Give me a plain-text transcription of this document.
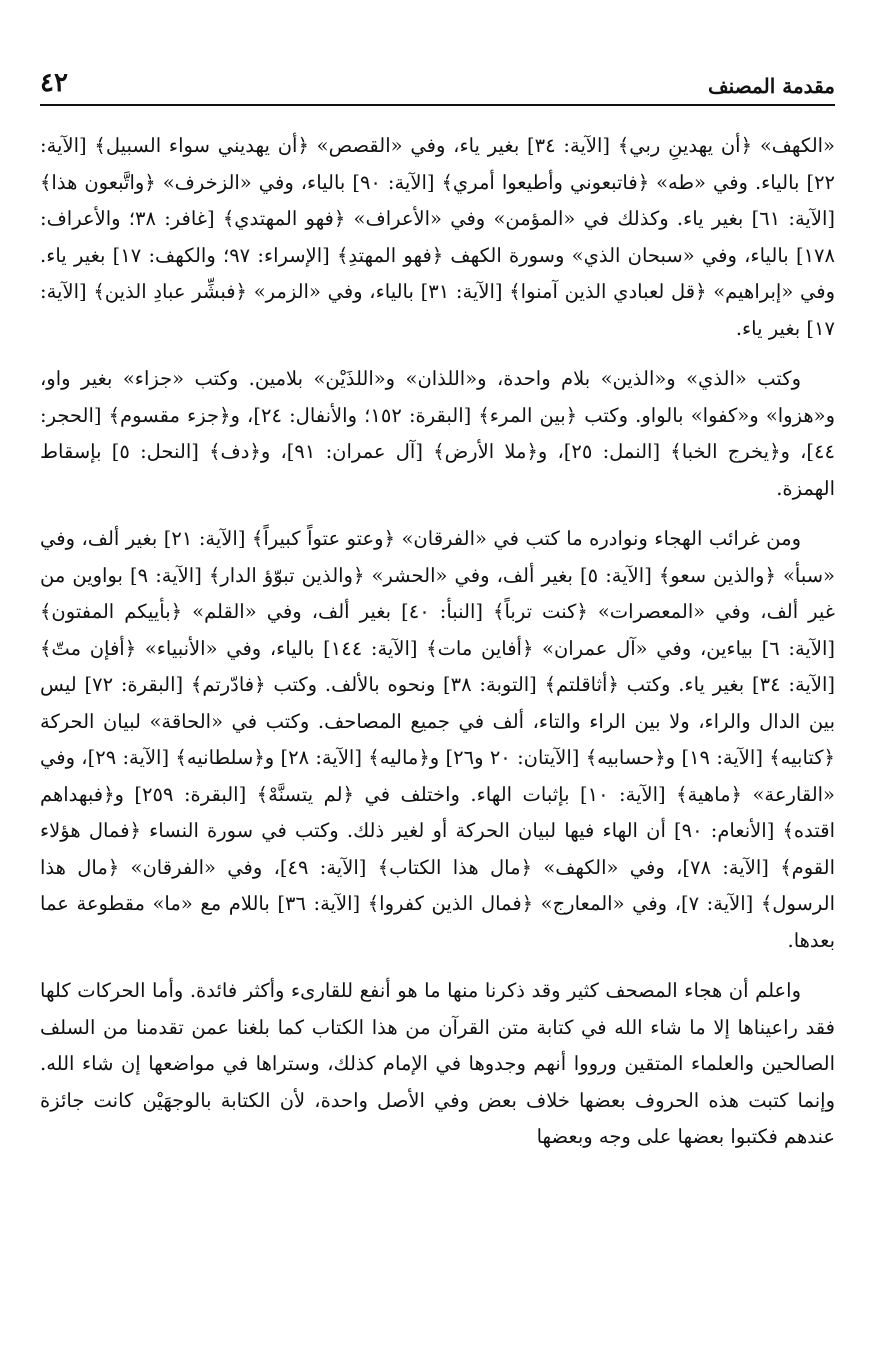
مقدمة المصنف
٤٢

«الكهف» ﴿أن يهدينِ ربي﴾ [الآية: ٣٤] بغير ياء، وفي «القصص» ﴿أن يهديني سواء السبيل﴾ [الآية: ٢٢] بالياء. وفي «طه» ﴿فاتبعوني وأطيعوا أمري﴾ [الآية: ٩٠] بالياء، وفي «الزخرف» ﴿واتَّبعون هذا﴾ [الآية: ٦١] بغير ياء. وكذلك في «المؤمن» وفي «الأعراف» ﴿فهو المهتدي﴾ [غافر: ٣٨؛ والأعراف: ١٧٨] بالياء، وفي «سبحان الذي» وسورة الكهف ﴿فهو المهتدِ﴾ [الإسراء: ٩٧؛ والكهف: ١٧] بغير ياء. وفي «إبراهيم» ﴿قل لعبادي الذين آمنوا﴾ [الآية: ٣١] بالياء، وفي «الزمر» ﴿فبشِّر عبادِ الذين﴾ [الآية: ١٧] بغير ياء.

وكتب «الذي» و«الذين» بلام واحدة، و«اللذان» و«اللذَيْن» بلامين. وكتب «جزاء» بغير واو، و«هزوا» و«كفوا» بالواو. وكتب ﴿بين المرء﴾ [البقرة: ١٥٢؛ والأنفال: ٢٤]، و﴿جزء مقسوم﴾ [الحجر: ٤٤]، و﴿يخرج الخبا﴾ [النمل: ٢٥]، و﴿ملا الأرض﴾ [آل عمران: ٩١]، و﴿دف﴾ [النحل: ٥] بإسقاط الهمزة.

ومن غرائب الهجاء ونوادره ما كتب في «الفرقان» ﴿وعتو عتواً كبيراً﴾ [الآية: ٢١] بغير ألف، وفي «سبأ» ﴿والذين سعو﴾ [الآية: ٥] بغير ألف، وفي «الحشر» ﴿والذين تبوّؤ الدار﴾ [الآية: ٩] بواوين من غير ألف، وفي «المعصرات» ﴿كنت ترباً﴾ [النبأ: ٤٠] بغير ألف، وفي «القلم» ﴿بأييكم المفتون﴾ [الآية: ٦] بياءين، وفي «آل عمران» ﴿أفاين مات﴾ [الآية: ١٤٤] بالياء، وفي «الأنبياء» ﴿أفإن متّ﴾ [الآية: ٣٤] بغير ياء. وكتب ﴿أثاقلتم﴾ [التوبة: ٣٨] ونحوه بالألف. وكتب ﴿فادّرتم﴾ [البقرة: ٧٢] ليس بين الدال والراء، ولا بين الراء والتاء، ألف في جميع المصاحف. وكتب في «الحاقة» لبيان الحركة ﴿كتابيه﴾ [الآية: ١٩] و﴿حسابيه﴾ [الآيتان: ٢٠ و٢٦] و﴿ماليه﴾ [الآية: ٢٨] و﴿سلطانيه﴾ [الآية: ٢٩]، وفي «القارعة» ﴿ماهية﴾ [الآية: ١٠] بإثبات الهاء. واختلف في ﴿لم يتسنَّهْ﴾ [البقرة: ٢٥٩] و﴿فبهداهم اقتده﴾ [الأنعام: ٩٠] أن الهاء فيها لبيان الحركة أو لغير ذلك. وكتب في سورة النساء ﴿فمال هؤلاء القوم﴾ [الآية: ٧٨]، وفي «الكهف» ﴿مال هذا الكتاب﴾ [الآية: ٤٩]، وفي «الفرقان» ﴿مال هذا الرسول﴾ [الآية: ٧]، وفي «المعارج» ﴿فمال الذين كفروا﴾ [الآية: ٣٦] باللام مع «ما» مقطوعة عما بعدها.

واعلم أن هجاء المصحف كثير وقد ذكرنا منها ما هو أنفع للقارىء وأكثر فائدة. وأما الحركات كلها فقد راعيناها إلا ما شاء الله في كتابة متن القرآن من هذا الكتاب كما بلغنا عمن تقدمنا من السلف الصالحين والعلماء المتقين ورووا أنهم وجدوها في الإمام كذلك، وستراها في مواضعها إن شاء الله. وإنما كتبت هذه الحروف بعضها خلاف بعض وفي الأصل واحدة، لأن الكتابة بالوجهَيْن كانت جائزة عندهم فكتبوا بعضها على وجه وبعضها
